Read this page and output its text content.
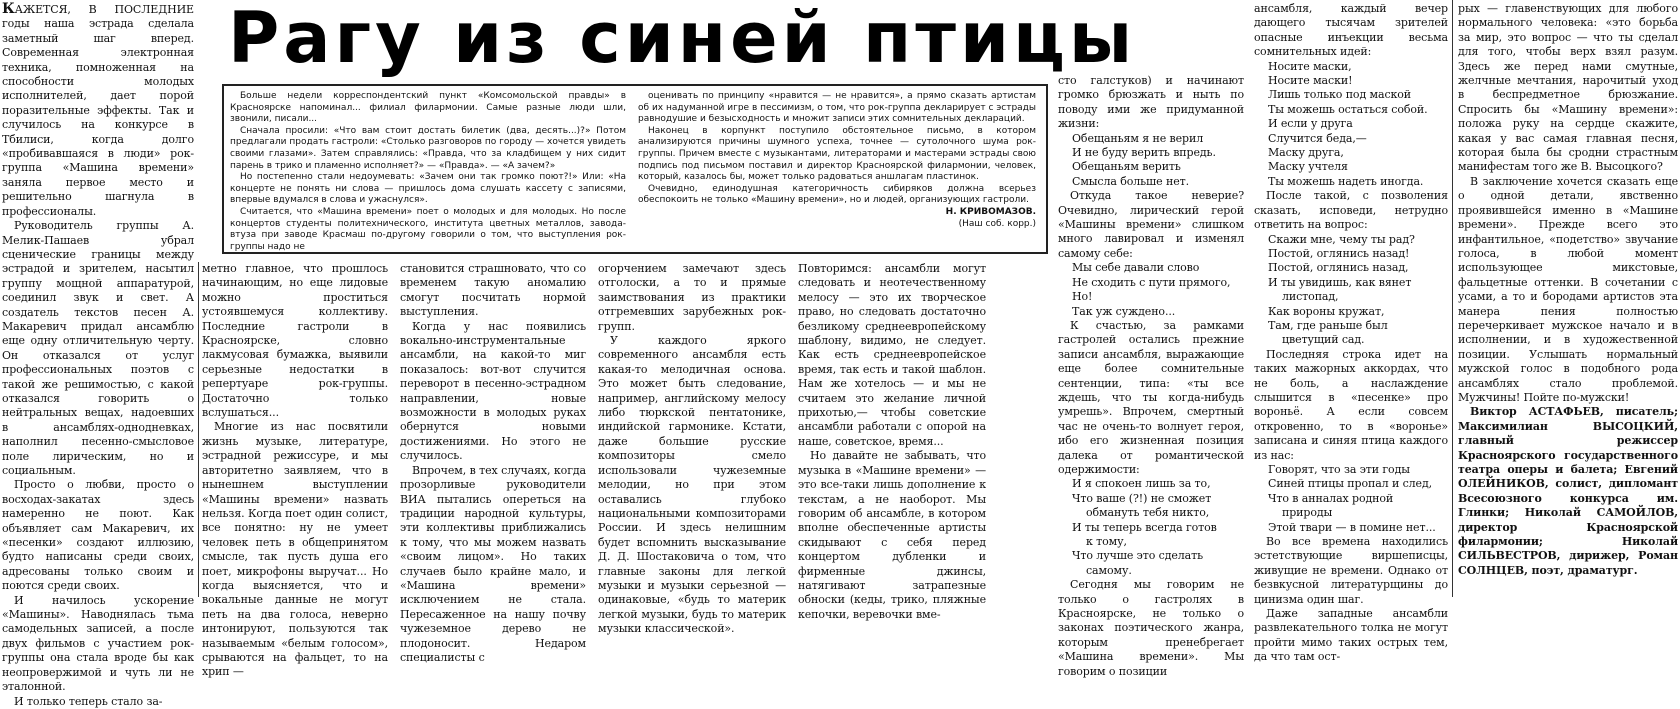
КАЖЕТСЯ, В ПОСЛЕДНИЕ годы наша эстрада сделала заметный шаг вперед. Современная электронная техника, помноженная на способности молодых исполнителей, дает порой поразительные эффекты. Так и случилось на конкурсе в Тбилиси, когда долго «пробивавшаяся в люди» рок-группа «Машина времени» заняла первое место и решительно шагнула в профессионалы.

Руководитель группы А. Мелик-Пашаев убрал сценические границы между эстрадой и зрителем, насытил группу мощной аппаратурой, соединил звук и свет. А создатель текстов песен А. Макаревич придал ансамблю еще одну отличительную черту. Он отказался от услуг профессиональных поэтов с такой же решимостью, с какой отказался говорить о нейтральных вещах, надоевших в ансамблях-однодневках, наполнил песенно-смысловое поле лирическим, но и социальным.

Просто о любви, просто о восходах-закатах здесь намеренно не поют. Как объявляет сам Макаревич, их «песенки» создают иллюзию, будто написаны среди своих, адресованы только своим и поются среди своих.

И начилось ускорение «Машины». Наводнялась тьма самодельных записей, а после двух фильмов с участием рок-группы она стала вроде бы как неопровержимой и чуть ли не эталонной.

И только теперь стало за-

Рагу из синей птицы

Больше недели корреспондентский пункт «Комсомольской правды» в Красноярске напоминал... филиал филармонии. Самые разные люди шли, звонили, писали...

Сначала просили: «Что вам стоит достать билетик (два, десять...)?» Потом предлагали продать гастроли: «Столько разговоров по городу — хочется увидеть своими глазами». Затем справлялись: «Правда, что за кладбищем у них сидит парень в трико и пламенно исполняет?» — «Правда». — «А зачем?»

Но постепенно стали недоумевать: «Зачем они так громко поют?!» Или: «На концерте не понять ни слова — пришлось дома слушать кассету с записями, впервые вдумался в слова и ужаснулся».

Считается, что «Машина времени» поет о молодых и для молодых. Но после концертов студенты политехнического, института цветных металлов, завода-втуза при заводе Красмаш по-другому говорили о том, что выступления рок-группы надо не

оценивать по принципу «нравится — не нравится», а прямо сказать артистам об их надуманной игре в пессимизм, о том, что рок-группа декларирует с эстрады равнодушие и безысходность и множит записи этих сомнительных деклараций.

Наконец в корпункт поступило обстоятельное письмо, в котором анализируются причины шумного успеха, точнее — сутолочного шума рок-группы. Причем вместе с музыкантами, литераторами и мастерами эстрады свою подпись под письмом поставил и директор Красноярской филармонии, человек, который, казалось бы, может только радоваться аншлагам пластинок.

Очевидно, единодушная категоричность сибиряков должна всерьез обеспокоить не только «Машину времени», но и людей, организующих гастроли.

Н. КРИВОМАЗОВ.

(Наш соб. корр.)

метно главное, что прошлось начинающим, но еще лидовые можно проститься устоявшемуся коллективу. Последние гастроли в Красноярске, словно лакмусовая бумажка, выявили серьезные недостатки в репертуаре рок-группы. Достаточно только вслушаться...

Многие из нас посвятили жизнь музыке, литературе, эстрадной режиссуре, и мы авторитетно заявляем, что в нынешнем выступлении «Машины времени» назвать нельзя. Когда поет один солист, все понятно: ну не умеет человек петь в общепринятом смысле, так пусть душа его поет, микрофоны выручат... Но когда выясняется, что и вокальные данные не могут петь на два голоса, неверно интонируют, пользуются так называемым «белым голосом», срываются на фальцет, то на хрип —

становится страшновато, что со временем такую аномалию смогут посчитать нормой выступления.

Когда у нас появились вокально-инструментальные ансамбли, на какой-то миг показалось: вот-вот случится переворот в песенно-эстрадном направлении, новые возможности в молодых руках обернутся новыми достижениями. Но этого не случилось.

Впрочем, в тех случаях, когда прозорливые руководители ВИА пытались опереться на традиции народной культуры, эти коллективы приближались к тому, что мы можем назвать «своим лицом». Но таких случаев было крайне мало, и «Машина времени» исключением не стала. Пересаженное на нашу почву чужеземное дерево не плодоносит. Недаром специалисты с

огорчением замечают здесь отголоски, а то и прямые заимствования из практики отгремевших зарубежных рок-групп.

У каждого яркого современного ансамбля есть какая-то мелодичная основа. Это может быть следование, например, английскому мелосу либо тюркской пентатонике, индийской гармонике. Кстати, даже большие русские композиторы смело использовали чужеземные мелодии, но при этом оставались глубоко национальными композиторами России. И здесь нелишним будет вспомнить высказывание Д. Д. Шостаковича о том, что главные законы для легкой музыки и музыки серьезной — одинаковые, «будь то материк легкой музыки, будь то материк музыки классической».

Повторимся: ансамбли могут следовать и неотечественному мелосу — это их творческое право, но следовать достаточно безликому среднеевропейскому шаблону, видимо, не следует. Как есть среднеевропейское время, так есть и такой шаблон. Нам же хотелось — и мы не считаем это желание личной прихотью,— чтобы советские ансамбли работали с опорой на наше, советское, время...

Но давайте не забывать, что музыка в «Машине времени» — это все-таки лишь дополнение к текстам, а не наоборот. Мы говорим об ансамбле, в котором вполне обеспеченные артисты скидывают с себя перед концертом дубленки и фирменные джинсы, натягивают затрапезные обноски (кеды, трико, пляжные кепочки, веревочки вме-

сто галстуков) и начинают громко брюзжать и ныть по поводу ими же придуманной жизни:

Обещаньям я не верил

И не буду верить впредь.

Обещаньям верить

Смысла больше нет.

Откуда такое неверие? Очевидно, лирический герой «Машины времени» слишком много лавировал и изменял самому себе:

Мы себе давали слово

Не сходить с пути прямого,

Но!

Так уж суждено...

К счастью, за рамками гастролей остались прежние записи ансамбля, выражающие еще более сомнительные сентенции, типа: «ты все ждешь, что ты когда-нибудь умрешь». Впрочем, смертный час не очень-то волнует героя, ибо его жизненная позиция далека от романтической одержимости:

И я спокоен лишь за то,

Что ваше (?!) не сможет

обмануть тебя никто,

И ты теперь всегда готов

к тому,

Что лучше это сделать

самому.

Сегодня мы говорим не только о гастролях в Красноярске, не только о законах поэтического жанра, которым пренебрегает «Машина времени». Мы говорим о позиции

ансамбля, каждый вечер дающего тысячам зрителей опасные инъекции весьма сомнительных идей:

Носите маски,

Носите маски!

Лишь только под маской

Ты можешь остаться собой.

И если у друга

Случится беда,—

Маску друга,

Маску учтеля

Ты можешь надеть иногда.

После такой, с позволения сказать, исповеди, нетрудно ответить на вопрос:

Скажи мне, чему ты рад?

Постой, оглянись назад!

Постой, оглянись назад,

И ты увидишь, как вянет

листопад,

Как вороны кружат,

Там, где раньше был

цветущий сад.

Последняя строка идет на таких мажорных аккордах, что не боль, а наслаждение слышится в «песенке» про вороньё. А если совсем откровенно, то в «воронье» записана и синяя птица каждого из нас:

Говорят, что за эти годы

Синей птицы пропал и след,

Что в анналах родной

природы

Этой твари — в помине нет...

Во все времена находились эстетствующие виршеписцы, живущие не времени. Однако от безвкусной литературщины до цинизма один шаг.

Даже западные ансамбли развлекательного толка не могут пройти мимо таких острых тем, да что там ост-

рых — главенствующих для любого нормального человека: «это борьба за мир, это вопрос — что ты сделал для того, чтобы верх взял разум. Здесь же перед нами смутные, желчные мечтания, нарочитый уход в беспредметное брюзжание. Спросить бы «Машину времени»: положа руку на сердце скажите, какая у вас самая главная песня, которая была бы сродни страстным манифестам того же В. Высоцкого?

В заключение хочется сказать еще о одной детали, явственно проявившейся именно в «Машине времени». Прежде всего это инфантильное, «подетство» звучание голоса, в любой момент использующее микстовые, фальцетные оттенки. В сочетании с усами, а то и бородами артистов эта манера пения полностью перечеркивает мужское начало и в исполнении, и в художественной позиции. Услышать нормальный мужской голос в подобного рода ансамблях стало проблемой. Мужчины! Пойте по-мужски!

Виктор АСТАФЬЕВ, писатель; Максимилиан ВЫСОЦКИЙ, главный режиссер Красноярского государственного театра оперы и балета; Евгений ОЛЕЙНИКОВ, солист, дипломант Всесоюзного конкурса им. Глинки; Николай САМОЙЛОВ, директор Красноярской филармонии; Николай СИЛЬВЕСТРОВ, дирижер, Роман СОЛНЦЕВ, поэт, драматург.
